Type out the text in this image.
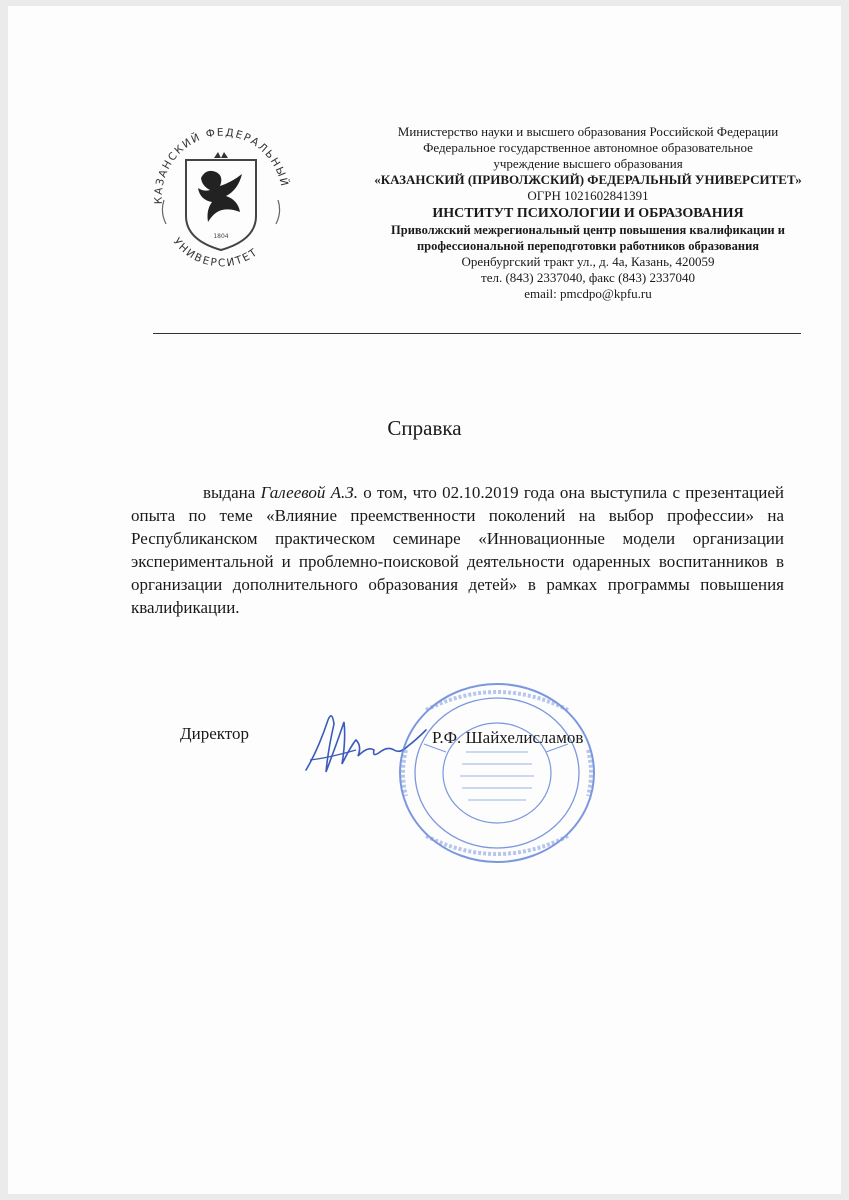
КАЗАНСКИЙ ФЕДЕРАЛЬНЫЙ
УНИВЕРСИТЕТ
1804
Министерство науки и высшего образования Российской Федерации
Федеральное государственное автономное образовательное
учреждение высшего образования
«КАЗАНСКИЙ (ПРИВОЛЖСКИЙ) ФЕДЕРАЛЬНЫЙ УНИВЕРСИТЕТ»
ОГРН 1021602841391
ИНСТИТУТ ПСИХОЛОГИИ И ОБРАЗОВАНИЯ
Приволжский межрегиональный центр повышения квалификации и
профессиональной переподготовки работников образования
Оренбургский тракт ул., д. 4а, Казань, 420059
тел. (843) 2337040, факс (843) 2337040
email: pmcdpo@kpfu.ru
Справка
выдана Галеевой А.З. о том, что 02.10.2019 года она выступила с презентацией опыта по теме «Влияние преемственности поколений на выбор профессии» на Республиканском практическом семинаре «Инновационные модели организации экспериментальной и проблемно-поисковой деятельности одаренных воспитанников в организации дополнительного образования детей» в рамках программы повышения квалификации.
Директор	Р.Ф. Шайхелисламов
